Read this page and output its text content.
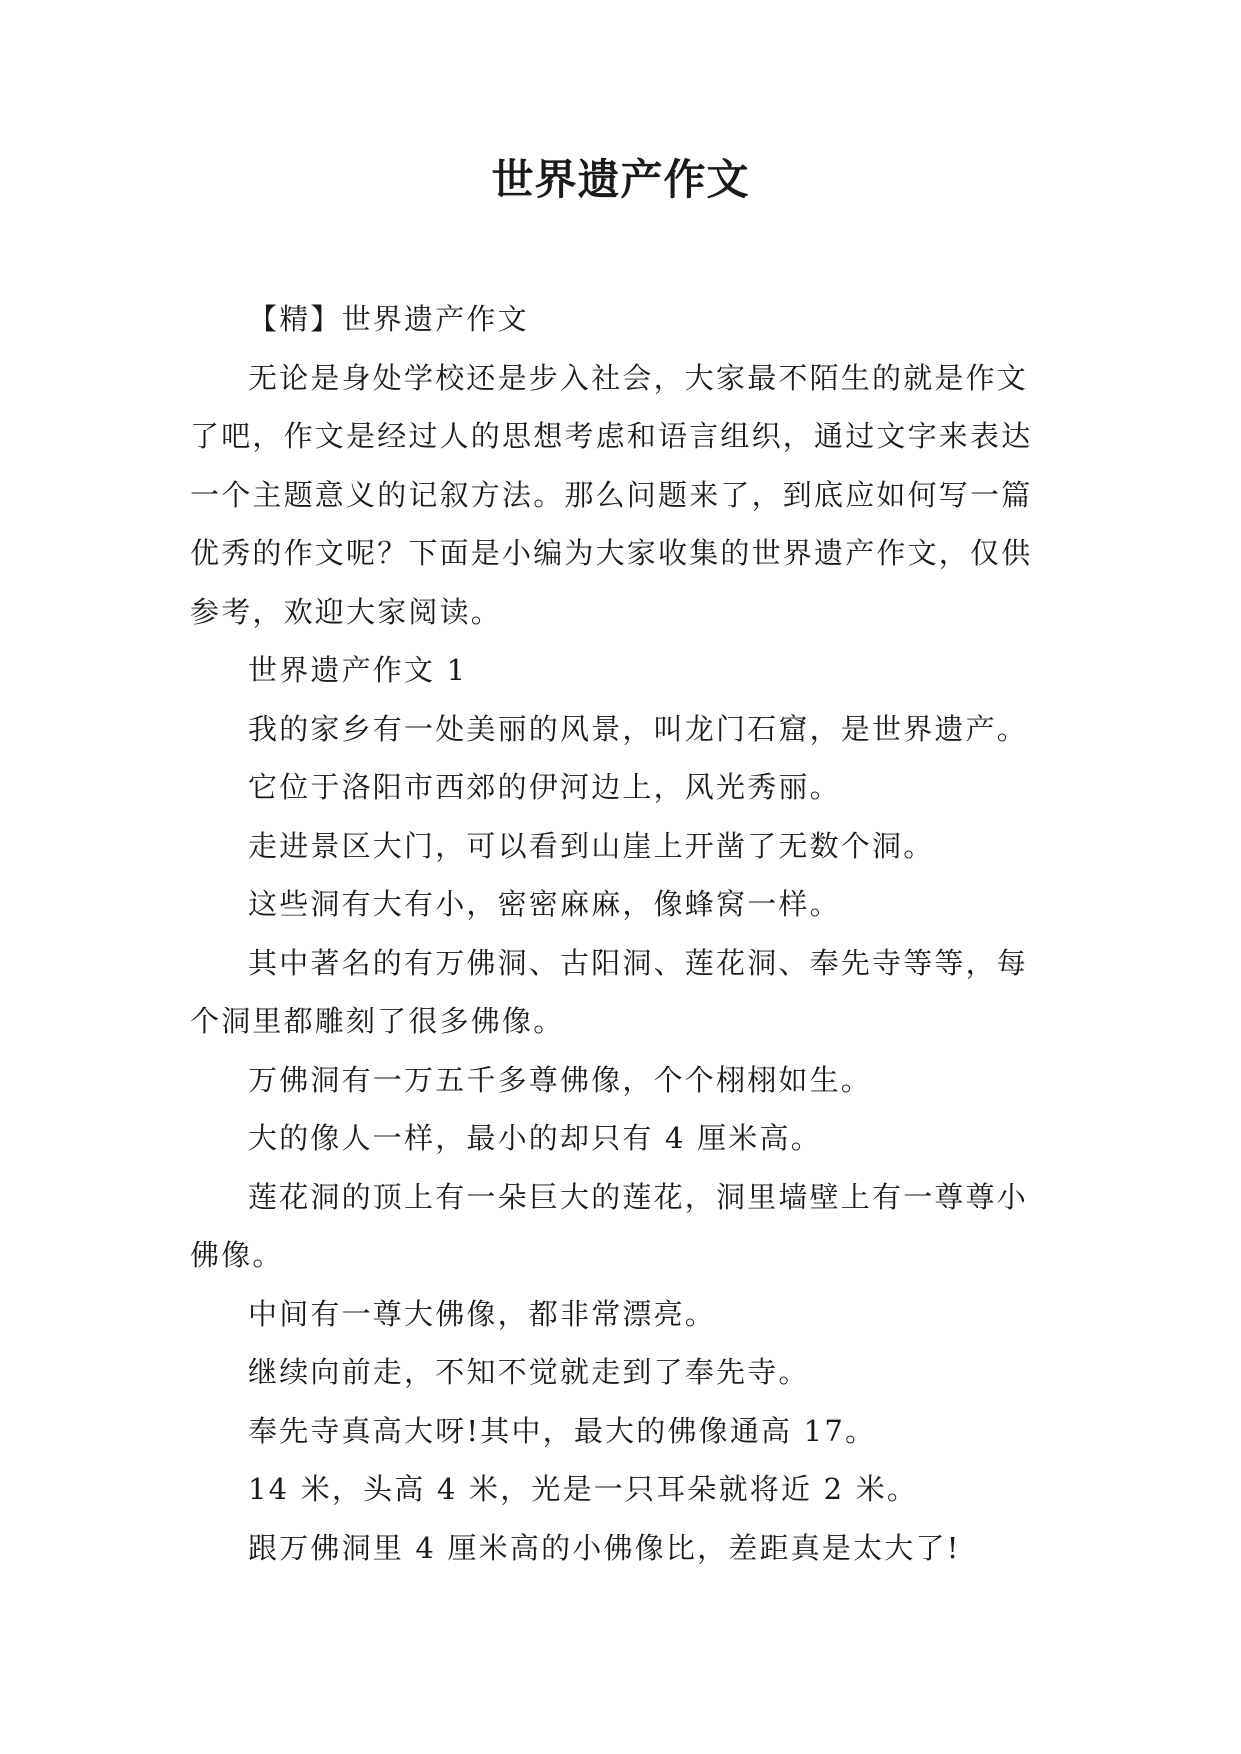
世界遗产作文

【精】世界遗产作文

无论是身处学校还是步入社会，大家最不陌生的就是作文了吧，作文是经过人的思想考虑和语言组织，通过文字来表达一个主题意义的记叙方法。那么问题来了，到底应如何写一篇优秀的作文呢？下面是小编为大家收集的世界遗产作文，仅供参考，欢迎大家阅读。

世界遗产作文 1

我的家乡有一处美丽的风景，叫龙门石窟，是世界遗产。

它位于洛阳市西郊的伊河边上，风光秀丽。

走进景区大门，可以看到山崖上开凿了无数个洞。

这些洞有大有小，密密麻麻，像蜂窝一样。

其中著名的有万佛洞、古阳洞、莲花洞、奉先寺等等，每个洞里都雕刻了很多佛像。

万佛洞有一万五千多尊佛像，个个栩栩如生。

大的像人一样，最小的却只有 4 厘米高。

莲花洞的顶上有一朵巨大的莲花，洞里墙壁上有一尊尊小佛像。

中间有一尊大佛像，都非常漂亮。

继续向前走，不知不觉就走到了奉先寺。

奉先寺真高大呀!其中，最大的佛像通高 17。

14 米，头高 4 米，光是一只耳朵就将近 2 米。

跟万佛洞里 4 厘米高的小佛像比，差距真是太大了!
